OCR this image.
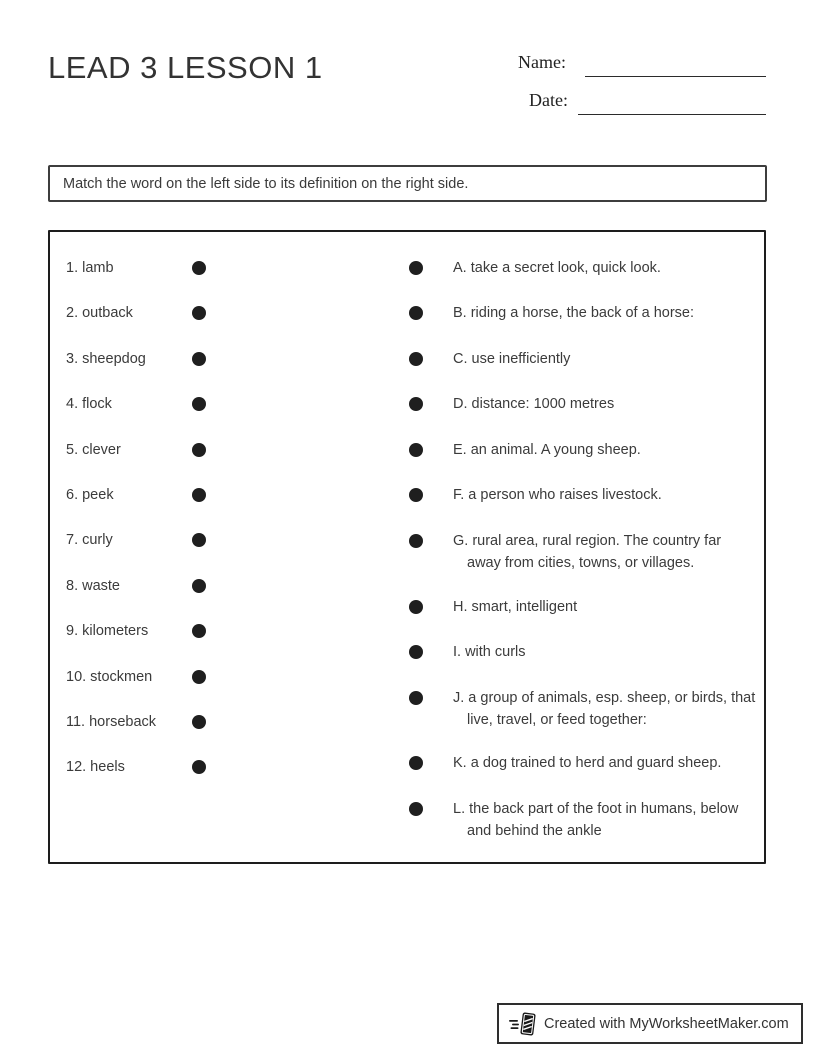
LEAD 3 LESSON 1	Name:
Date:
Match the word on the left side to its definition on the right side.
1. lamb
2. outback
3. sheepdog
4. flock
5. clever
6. peek
7. curly
8. waste
9. kilometers
10. stockmen
11. horseback
12. heels
A. take a secret look, quick look.
B. riding a horse, the back of a horse:
C. use inefficiently
D. distance: 1000 metres
E. an animal. A young sheep.
F. a person who raises livestock.
G. rural area, rural region. The country far away from cities, towns, or villages.
H. smart, intelligent
I. with curls
J. a group of animals, esp. sheep, or birds, that live, travel, or feed together:
K. a dog trained to herd and guard sheep.
L. the back part of the foot in humans, below and behind the ankle
Created with MyWorksheetMaker.com
